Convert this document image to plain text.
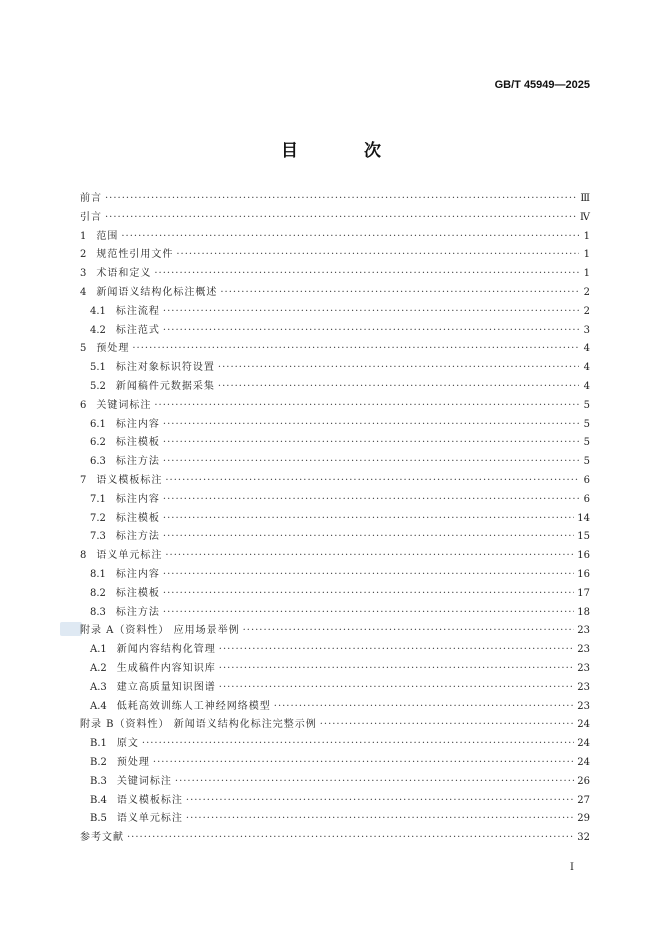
GB/T 45949—2025
目 次
前言 ·····	Ⅲ
引言 ·····	Ⅳ
1 范围 ·····	1
2 规范性引用文件 ·····	1
3 术语和定义 ·····	1
4 新闻语义结构化标注概述 ·····	2
4.1 标注流程 ·····	2
4.2 标注范式 ·····	3
5 预处理 ·····	4
5.1 标注对象标识符设置 ·····	4
5.2 新闻稿件元数据采集 ·····	4
6 关键词标注 ·····	5
6.1 标注内容 ·····	5
6.2 标注模板 ·····	5
6.3 标注方法 ·····	5
7 语义模板标注 ·····	6
7.1 标注内容 ·····	6
7.2 标注模板 ·····	14
7.3 标注方法 ·····	15
8 语义单元标注 ·····	16
8.1 标注内容 ·····	16
8.2 标注模板 ·····	17
8.3 标注方法 ·····	18
附录 A（资料性） 应用场景举例 ·····	23
A.1 新闻内容结构化管理 ·····	23
A.2 生成稿件内容知识库 ·····	23
A.3 建立高质量知识图谱 ·····	23
A.4 低耗高效训练人工神经网络模型 ·····	23
附录 B（资料性） 新闻语义结构化标注完整示例 ·····	24
B.1 原文 ·····	24
B.2 预处理 ·····	24
B.3 关键词标注 ·····	26
B.4 语义模板标注 ·····	27
B.5 语义单元标注 ·····	29
参考文献 ·····	32
I
